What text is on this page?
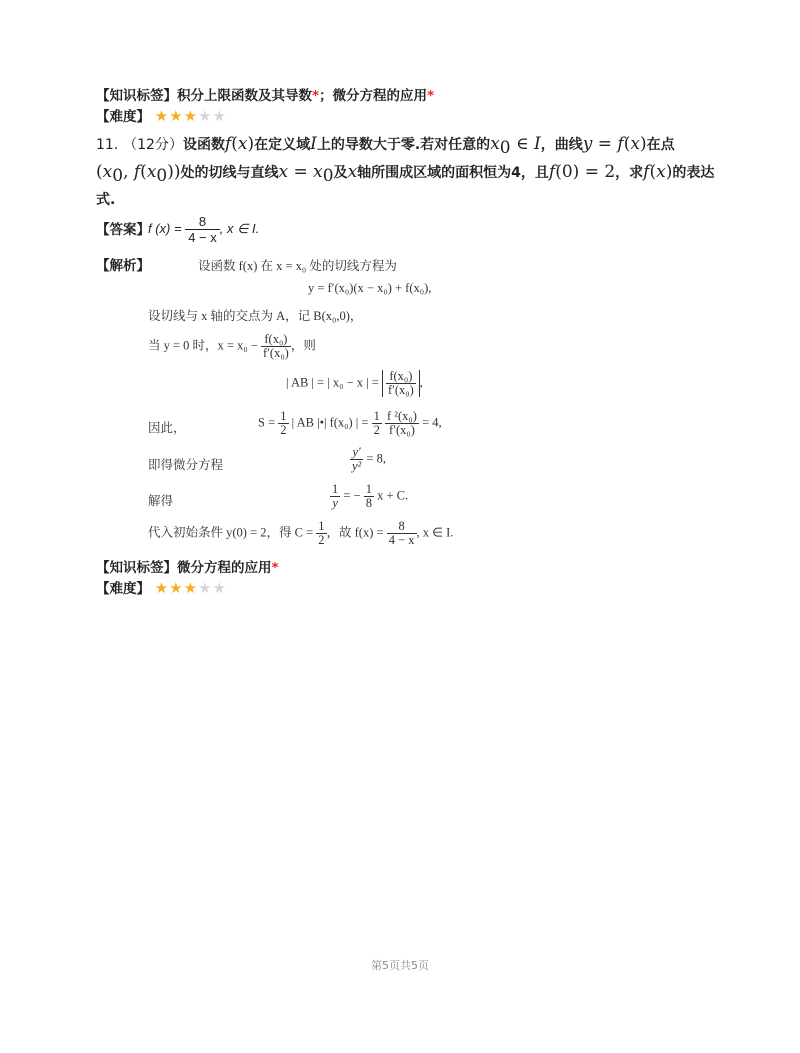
【知识标签】积分上限函数及其导数*；微分方程的应用*
【难度】 ★★★★★
11. （12分）设函数f(x)在定义域I上的导数大于零.若对任意的$x_0$ ∈ I，曲线y = f(x)在点
($x_0$, $f(x_0)$)处的切线与直线$x = x_0$及x轴所围成区域的面积恒为4，且f(0) = 2，求f(x)的表达
式.
【答案】
f $(x) = \frac{8}{4 - x}$ , x ∈ I.
【解析】	设函数 f(x) 在 x = x₀ 处的切线方程为
y = f′(x₀)(x − x₀) + f(x₀),
设切线与 x 轴的交点为 A，记 B(x₀,0)，
当 y = 0 时，$x = x_0 - \frac{\text{f(x₀)}}{\text{f′(x₀)}}$ ，则
| AB | = | x₀ − x | = $\frac{\text{f(x₀)}}{\text{f′(x₀)}}$ ,
因此，	$S = \frac{1}{2}$ | AB |•| f(x₀) | = $\frac{1}{2}$
$\frac{\text{f ²(x₀)}}{\text{f′(x₀)}} = 4$,
即得微分方程	$\frac{y'}{\text{y²}} = 8$,
解得	$\frac{1}{y}$ = − $\frac{1}{8}$ x + C.
代入初始条件 y(0) = 2，得 $C = \frac{1}{2}$ ，故 $f(x) = \frac{8}{4 - x}$ , x ∈ I.
【知识标签】微分方程的应用*
【难度】 ★★★★★
第5页共5页
